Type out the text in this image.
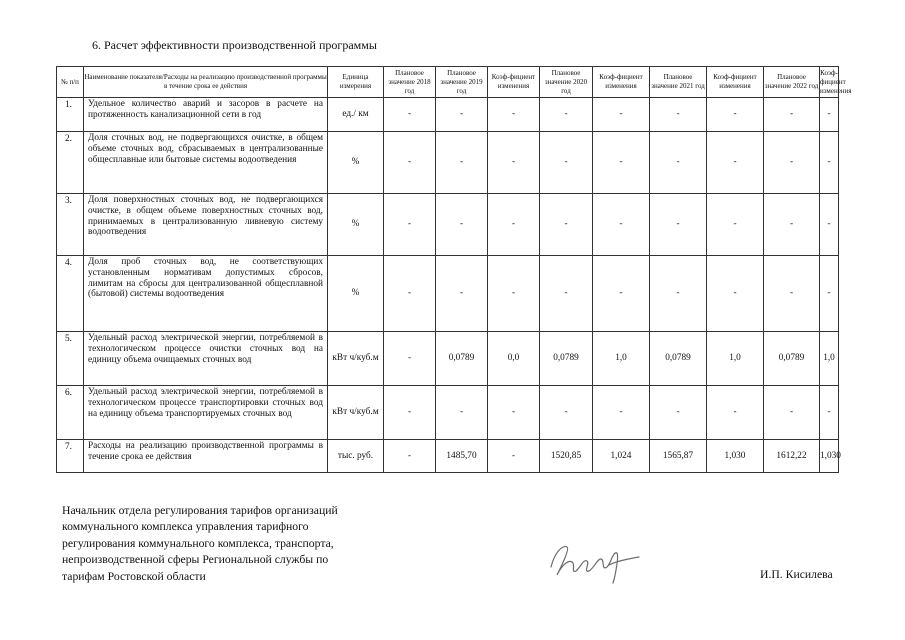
6. Расчет эффективности производственной программы
№ п/п	Наименование показателя/Расходы на реализацию производственной программы в течение срока ее действия	Единица измерения	Плановое значение 2018 год	Плановое значение 2019 год	Коэф-фициент изменения	Плановое значение 2020 год	Коэф-фициент изменения	Плановое значение 2021 год	Коэф-фициент изменения	Плановое значение 2022 год	Коэф-фициент изменения
1.	Удельное количество аварий и засоров в расчете на протяженность канализационной сети в год	ед./ км	-	-	-	-	-	-	-	-	-
2.	Доля сточных вод, не подвергающихся очистке, в общем объеме сточных вод, сбрасываемых в централизованные общесплавные или бытовые системы водоотведения	%	-	-	-	-	-	-	-	-	-
3.	Доля поверхностных сточных вод, не подвергающихся очистке, в общем объеме поверхностных сточных вод, принимаемых в централизованную ливневую систему водоотведения	%	-	-	-	-	-	-	-	-	-
4.	Доля проб сточных вод, не соответствующих установленным нормативам допустимых сбросов, лимитам на сбросы для централизованной общесплавной (бытовой) системы водоотведения	%	-	-	-	-	-	-	-	-	-
5.	Удельный расход электрической энергии, потребляемой в технологическом процессе очистки сточных вод на единицу объема очищаемых сточных вод	кВт ч/куб.м	-	0,0789	0,0	0,0789	1,0	0,0789	1,0	0,0789	1,0
6.	Удельный расход электрической энергии, потребляемой в технологическом процессе транспортировки сточных вод на единицу объема транспортируемых сточных вод	кВт ч/куб.м	-	-	-	-	-	-	-	-	-
7.	Расходы на реализацию производственной программы в течение срока ее действия	тыс. руб.	-	1485,70	-	1520,85	1,024	1565,87	1,030	1612,22	1,030
Начальник отдела регулирования тарифов организаций
коммунального комплекса управления тарифного
регулирования коммунального комплекса, транспорта,
непроизводственной сферы Региональной службы по
тарифам Ростовской области	И.П. Кисилева
